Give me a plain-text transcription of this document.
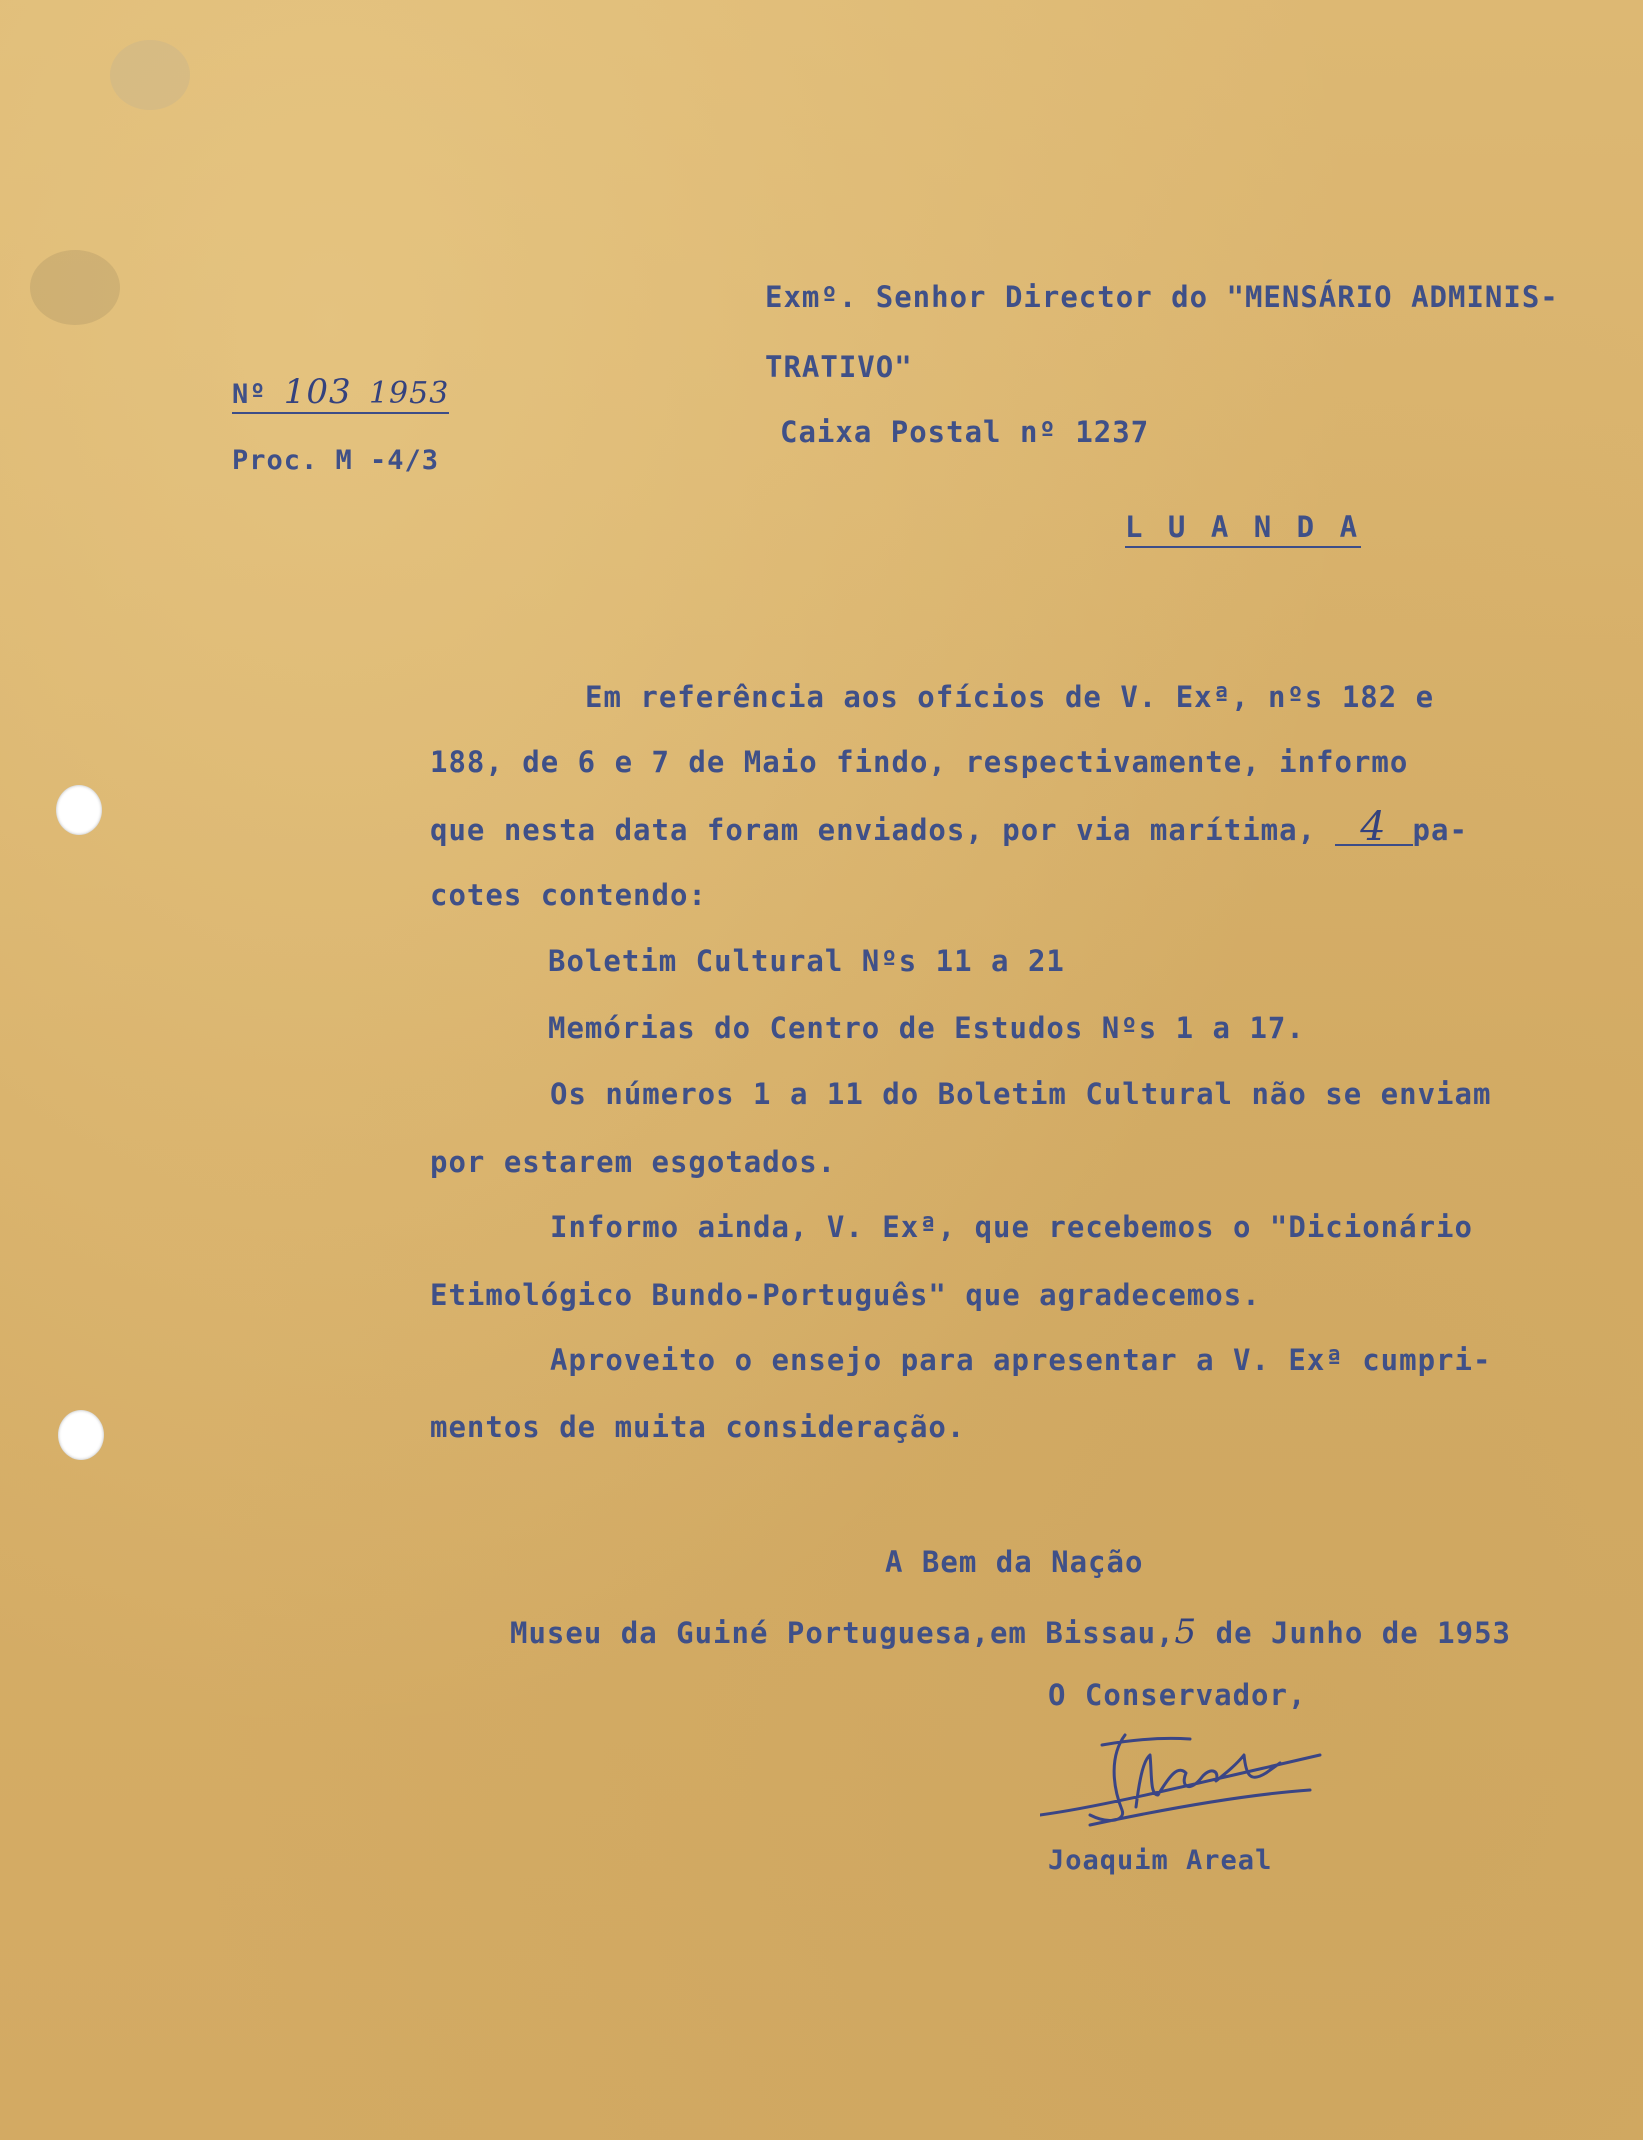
Nº 103 1953
Proc. M -4/3
Exmº. Senhor Director do "MENSÁRIO ADMINIS-
TRATIVO"
Caixa Postal nº 1237
L U A N D A
Em referência aos ofícios de V. Exª, nºs 182 e
188, de 6 e 7 de Maio findo, respectivamente, informo
que nesta data foram enviados, por via marítima, 4 pa-
cotes contendo:
Boletim Cultural Nºs 11 a 21
Memórias do Centro de Estudos Nºs 1 a 17.
Os números 1 a 11 do Boletim Cultural não se enviam
por estarem esgotados.
Informo ainda, V. Exª, que recebemos o "Dicionário
Etimológico Bundo-Português" que agradecemos.
Aproveito o ensejo para apresentar a V. Exª cumpri-
mentos de muita consideração.
A Bem da Nação
Museu da Guiné Portuguesa,em Bissau,5 de Junho de 1953
O Conservador,
Joaquim Areal
